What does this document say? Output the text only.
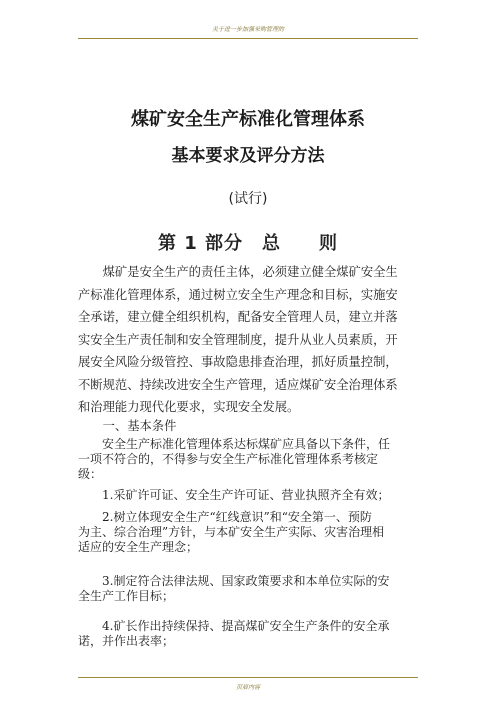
关于进一步加强采购管理的
煤矿安全生产标准化管理体系
基本要求及评分方法
(试行)
第 1 部分　总　　则
　　煤矿是安全生产的责任主体，必须建立健全煤矿安全生
产标准化管理体系，通过树立安全生产理念和目标，实施安
全承诺，建立健全组织机构，配备安全管理人员，建立并落
实安全生产责任制和安全管理制度，提升从业人员素质，开
展安全风险分级管控、事故隐患排查治理，抓好质量控制，
不断规范、持续改进安全生产管理，适应煤矿安全治理体系
和治理能力现代化要求，实现安全发展。
　　一、基本条件
　　安全生产标准化管理体系达标煤矿应具备以下条件，任
一项不符合的，不得参与安全生产标准化管理体系考核定
级：
　　1.采矿许可证、安全生产许可证、营业执照齐全有效；
　　2.树立体现安全生产“红线意识”和“安全第一、预防
为主、综合治理”方针，与本矿安全生产实际、灾害治理相
适应的安全生产理念；
　　3.制定符合法律法规、国家政策要求和本单位实际的安
全生产工作目标；
　　4.矿长作出持续保持、提高煤矿安全生产条件的安全承
诺，并作出表率；
页眉内容
